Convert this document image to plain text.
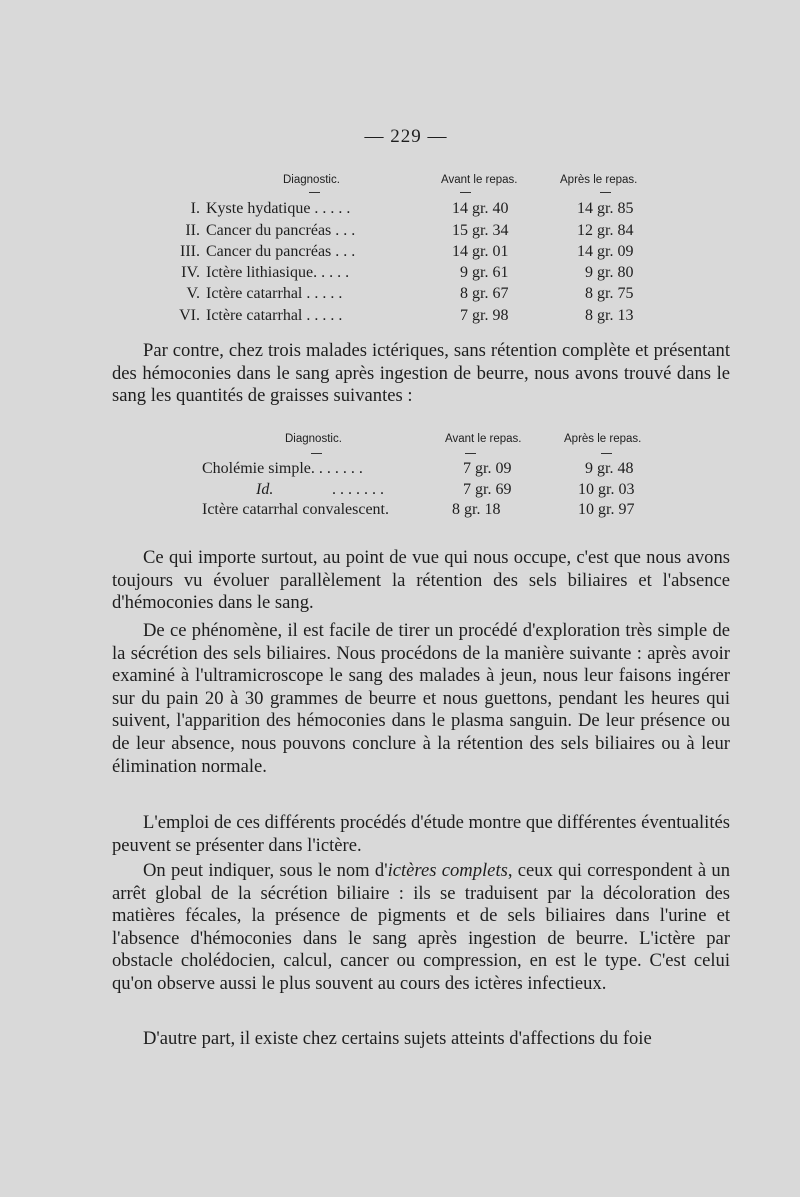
— 229 —
Diagnostic.	Avant le repas.	Après le repas.
I. Kyste hydatique . . . . .	14 gr. 40	14 gr. 85
II. Cancer du pancréas . . .	15 gr. 34	12 gr. 84
III. Cancer du pancréas . . .	14 gr. 01	14 gr. 09
IV. Ictère lithiasique. . . . .	9 gr. 61	9 gr. 80
V. Ictère catarrhal . . . . .	8 gr. 67	8 gr. 75
VI. Ictère catarrhal . . . . .	7 gr. 98	8 gr. 13

Par contre, chez trois malades ictériques, sans rétention complète et présentant des hémoconies dans le sang après ingestion de beurre, nous avons trouvé dans le sang les quantités de graisses suivantes :

Diagnostic.	Avant le repas.	Après le repas.
Cholémie simple. . . . . . .	7 gr. 09	9 gr. 48
Id.	. . . . . . .	7 gr. 69	10 gr. 03
Ictère catarrhal convalescent.	8 gr. 18	10 gr. 97

Ce qui importe surtout, au point de vue qui nous occupe, c'est que nous avons toujours vu évoluer parallèlement la rétention des sels biliaires et l'absence d'hémoconies dans le sang.

De ce phénomène, il est facile de tirer un procédé d'exploration très simple de la sécrétion des sels biliaires. Nous procédons de la manière suivante : après avoir examiné à l'ultramicroscope le sang des malades à jeun, nous leur faisons ingérer sur du pain 20 à 30 grammes de beurre et nous guettons, pendant les heures qui suivent, l'apparition des hémoconies dans le plasma sanguin. De leur présence ou de leur absence, nous pouvons conclure à la rétention des sels biliaires ou à leur élimination normale.

L'emploi de ces différents procédés d'étude montre que différentes éventualités peuvent se présenter dans l'ictère.

On peut indiquer, sous le nom d'ictères complets, ceux qui correspondent à un arrêt global de la sécrétion biliaire : ils se traduisent par la décoloration des matières fécales, la présence de pigments et de sels biliaires dans l'urine et l'absence d'hémoconies dans le sang après ingestion de beurre. L'ictère par obstacle cholédocien, calcul, cancer ou compression, en est le type. C'est celui qu'on observe aussi le plus souvent au cours des ictères infectieux.

D'autre part, il existe chez certains sujets atteints d'affections du foie
